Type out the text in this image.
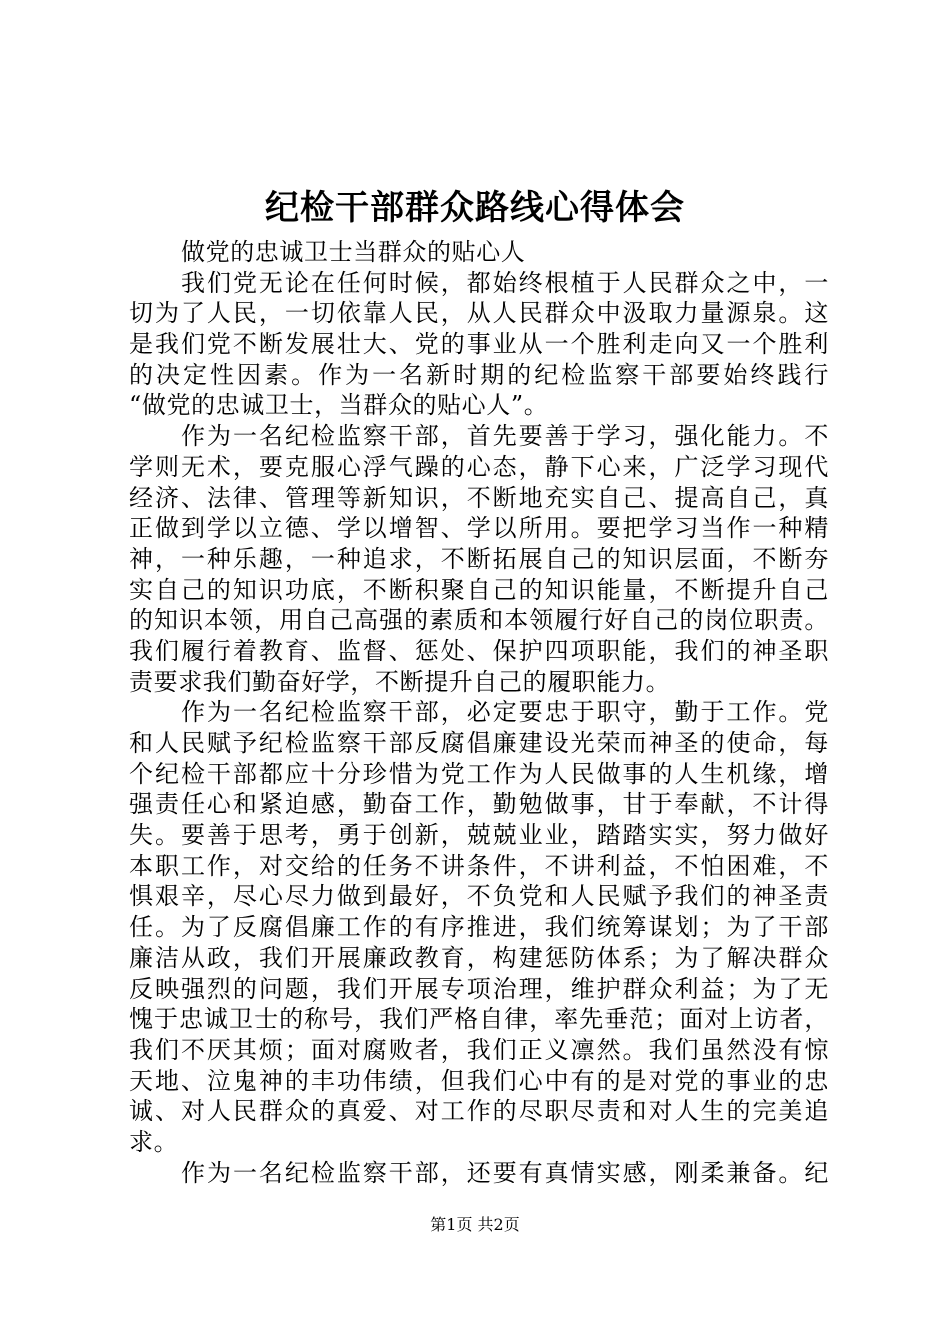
纪检干部群众路线心得体会
做党的忠诚卫士当群众的贴心人
我们党无论在任何时候，都始终根植于人民群众之中，一
切为了人民，一切依靠人民，从人民群众中汲取力量源泉。这
是我们党不断发展壮大、党的事业从一个胜利走向又一个胜利
的决定性因素。作为一名新时期的纪检监察干部要始终践行
“做党的忠诚卫士，当群众的贴心人”。
作为一名纪检监察干部，首先要善于学习，强化能力。不
学则无术，要克服心浮气躁的心态，静下心来，广泛学习现代
经济、法律、管理等新知识，不断地充实自己、提高自己，真
正做到学以立德、学以增智、学以所用。要把学习当作一种精
神，一种乐趣，一种追求，不断拓展自己的知识层面，不断夯
实自己的知识功底，不断积聚自己的知识能量，不断提升自己
的知识本领，用自己高强的素质和本领履行好自己的岗位职责。
我们履行着教育、监督、惩处、保护四项职能，我们的神圣职
责要求我们勤奋好学，不断提升自己的履职能力。
作为一名纪检监察干部，必定要忠于职守，勤于工作。党
和人民赋予纪检监察干部反腐倡廉建设光荣而神圣的使命，每
个纪检干部都应十分珍惜为党工作为人民做事的人生机缘，增
强责任心和紧迫感，勤奋工作，勤勉做事，甘于奉献，不计得
失。要善于思考，勇于创新，兢兢业业，踏踏实实，努力做好
本职工作，对交给的任务不讲条件，不讲利益，不怕困难，不
惧艰辛，尽心尽力做到最好，不负党和人民赋予我们的神圣责
任。为了反腐倡廉工作的有序推进，我们统筹谋划；为了干部
廉洁从政，我们开展廉政教育，构建惩防体系；为了解决群众
反映强烈的问题，我们开展专项治理，维护群众利益；为了无
愧于忠诚卫士的称号，我们严格自律，率先垂范；面对上访者，
我们不厌其烦；面对腐败者，我们正义凛然。我们虽然没有惊
天地、泣鬼神的丰功伟绩，但我们心中有的是对党的事业的忠
诚、对人民群众的真爱、对工作的尽职尽责和对人生的完美追
求。
作为一名纪检监察干部，还要有真情实感，刚柔兼备。纪
第1页 共2页
